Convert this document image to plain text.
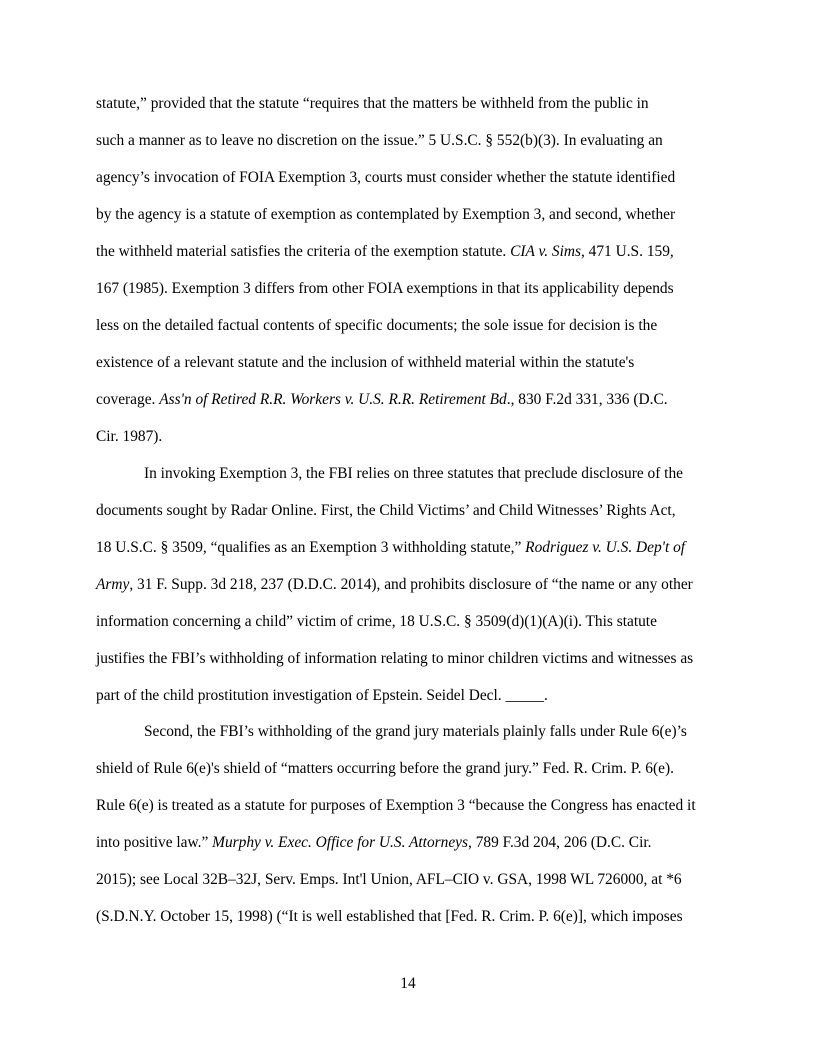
statute,” provided that the statute “requires that the matters be withheld from the public in
such a manner as to leave no discretion on the issue.” 5 U.S.C. § 552(b)(3). In evaluating an
agency’s invocation of FOIA Exemption 3, courts must consider whether the statute identified
by the agency is a statute of exemption as contemplated by Exemption 3, and second, whether
the withheld material satisfies the criteria of the exemption statute. CIA v. Sims, 471 U.S. 159,
167 (1985). Exemption 3 differs from other FOIA exemptions in that its applicability depends
less on the detailed factual contents of specific documents; the sole issue for decision is the
existence of a relevant statute and the inclusion of withheld material within the statute's
coverage. Ass'n of Retired R.R. Workers v. U.S. R.R. Retirement Bd., 830 F.2d 331, 336 (D.C.
Cir. 1987).
In invoking Exemption 3, the FBI relies on three statutes that preclude disclosure of the
documents sought by Radar Online. First, the Child Victims’ and Child Witnesses’ Rights Act,
18 U.S.C. § 3509, “qualifies as an Exemption 3 withholding statute,” Rodriguez v. U.S. Dep't of
Army, 31 F. Supp. 3d 218, 237 (D.D.C. 2014), and prohibits disclosure of “the name or any other
information concerning a child” victim of crime, 18 U.S.C. § 3509(d)(1)(A)(i). This statute
justifies the FBI’s withholding of information relating to minor children victims and witnesses as
part of the child prostitution investigation of Epstein. Seidel Decl. _____.
Second, the FBI’s withholding of the grand jury materials plainly falls under Rule 6(e)’s
shield of Rule 6(e)'s shield of “matters occurring before the grand jury.” Fed. R. Crim. P. 6(e).
Rule 6(e) is treated as a statute for purposes of Exemption 3 “because the Congress has enacted it
into positive law.” Murphy v. Exec. Office for U.S. Attorneys, 789 F.3d 204, 206 (D.C. Cir.
2015); see Local 32B–32J, Serv. Emps. Int'l Union, AFL–CIO v. GSA, 1998 WL 726000, at *6
(S.D.N.Y. October 15, 1998) (“It is well established that [Fed. R. Crim. P. 6(e)], which imposes
14
